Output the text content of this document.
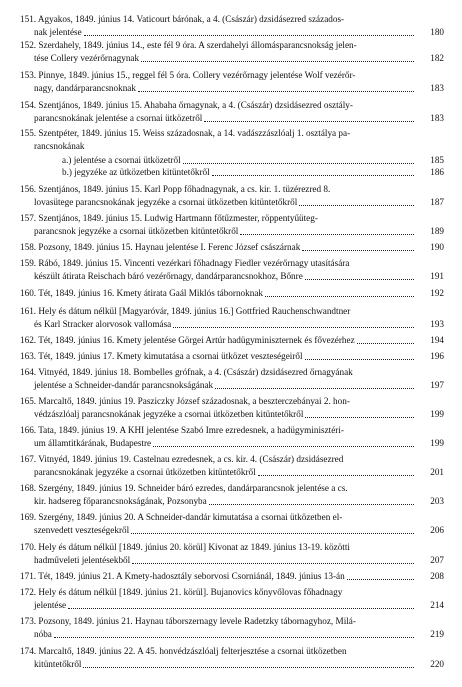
151. Agyakos, 1849. június 14. Vaticourt bárónak, a 4. (Császár) dzsidásezred százados-
nak jelentése	180
152. Szerdahely, 1849. június 14., este fél 9 óra. A szerdahelyi állomásparancsnokság jelen-
tése Collery vezérőrnagynak	182
153. Pinnye, 1849. június 15., reggel fél 5 óra. Collery vezérőrnagy jelentése Wolf vezérőr-
nagy, dandárparancsnoknak	183
154. Szentjános, 1849. június 15. Ahabaha őrnagynak, a 4. (Császár) dzsidásezred osztály-
parancsnokának jelentése a csornai ütközetről	183
155. Szentpéter, 1849. június 15. Weiss századosnak, a 14. vadászzászlóalj 1. osztálya pa-
rancsnokának
a.) jelentése a csornai ütközetről	185
b.) jegyzéke az ütközetben kitüntetőkről	186
156. Szentjános, 1849. június 15. Karl Popp főhadnagynak, a cs. kir. 1. tüzérezred 8.
lovasütege parancsnokának jegyzéke a csornai ütközetben kitüntetőkről	187
157. Szentjános, 1849. június 15. Ludwig Hartmann főtűzmester, röppentyűüteg-
parancsnok jegyzéke a csornai ütközetben kitüntetőkről	189
158. Pozsony, 1849. június 15. Haynau jelentése I. Ferenc József császárnak	190
159. Rábó, 1849. június 15. Vincenti vezérkari főhadnagy Fiedler vezérőrnagy utasítására
készült átirata Reischach báró vezérőrnagy, dandárparancsnokhoz, Bőnre	191
160. Tét, 1849. június 16. Kmety átirata Gaál Miklós tábornoknak	192
161. Hely és dátum nélkül [Magyaróvár, 1849. június 16.] Gottfried Rauchenschwandtner
és Karl Stracker alorvosok vallomása	193
162. Tét, 1849. június 16. Kmety jelentése Görgei Artúr hadügyminiszternek és fővezérhez	194
163. Tét, 1849. június 17. Kmety kimutatása a csornai ütközet veszteségeiről	196
164. Vitnyéd, 1849. június 18. Bombelles grófnak, a 4. (Császár) dzsidásezred őrnagyának
jelentése a Schneider-dandár parancsnokságának	197
165. Marcaltő, 1849. június 19. Pasziczky József századosnak, a beszterczebányai 2. hon-
védzászlóalj parancsnokának jegyzéke a csornai ütközetben kitüntetőkről	199
166. Tata, 1849. június 19. A KHI jelentése Szabó Imre ezredesnek, a hadügyminisztéri-
um államtitkárának, Budapestre	199
167. Vitnyéd, 1849. június 19. Castelnau ezredesnek, a cs. kir. 4. (Császár) dzsidásezred
parancsnokának jegyzéke a csornai ütközetben kitüntetőkről	201
168. Szergény, 1849. június 19. Schneider báró ezredes, dandárparancsnok jelentése a cs.
kir. hadsereg főparancsnokságának, Pozsonyba	203
169. Szergény, 1849. június 20. A Schneider-dandár kimutatása a csornai ütközetben el-
szenvedett veszteségekről	206
170. Hely és dátum nélkül [1849. június 20. körül] Kivonat az 1849. június 13-19. közötti
hadműveleti jelentésekből	207
171. Tét, 1849. június 21. A Kmety-hadosztály seborvosi Csorniánál, 1849. június 13-án	208
172. Hely és dátum nélkül [1849. június 21. körül]. Bujanovics kőnyvőlovas főhadnagy
jelentése	214
173. Pozsony, 1849. június 21. Haynau táborszernagy levele Radetzky tábornagyhoz, Milá-
nóba	219
174. Marcaltő, 1849. június 22. A 45. honvédzászlóalj felterjesztése a csornai ütközetben
kitüntetőkről	220
